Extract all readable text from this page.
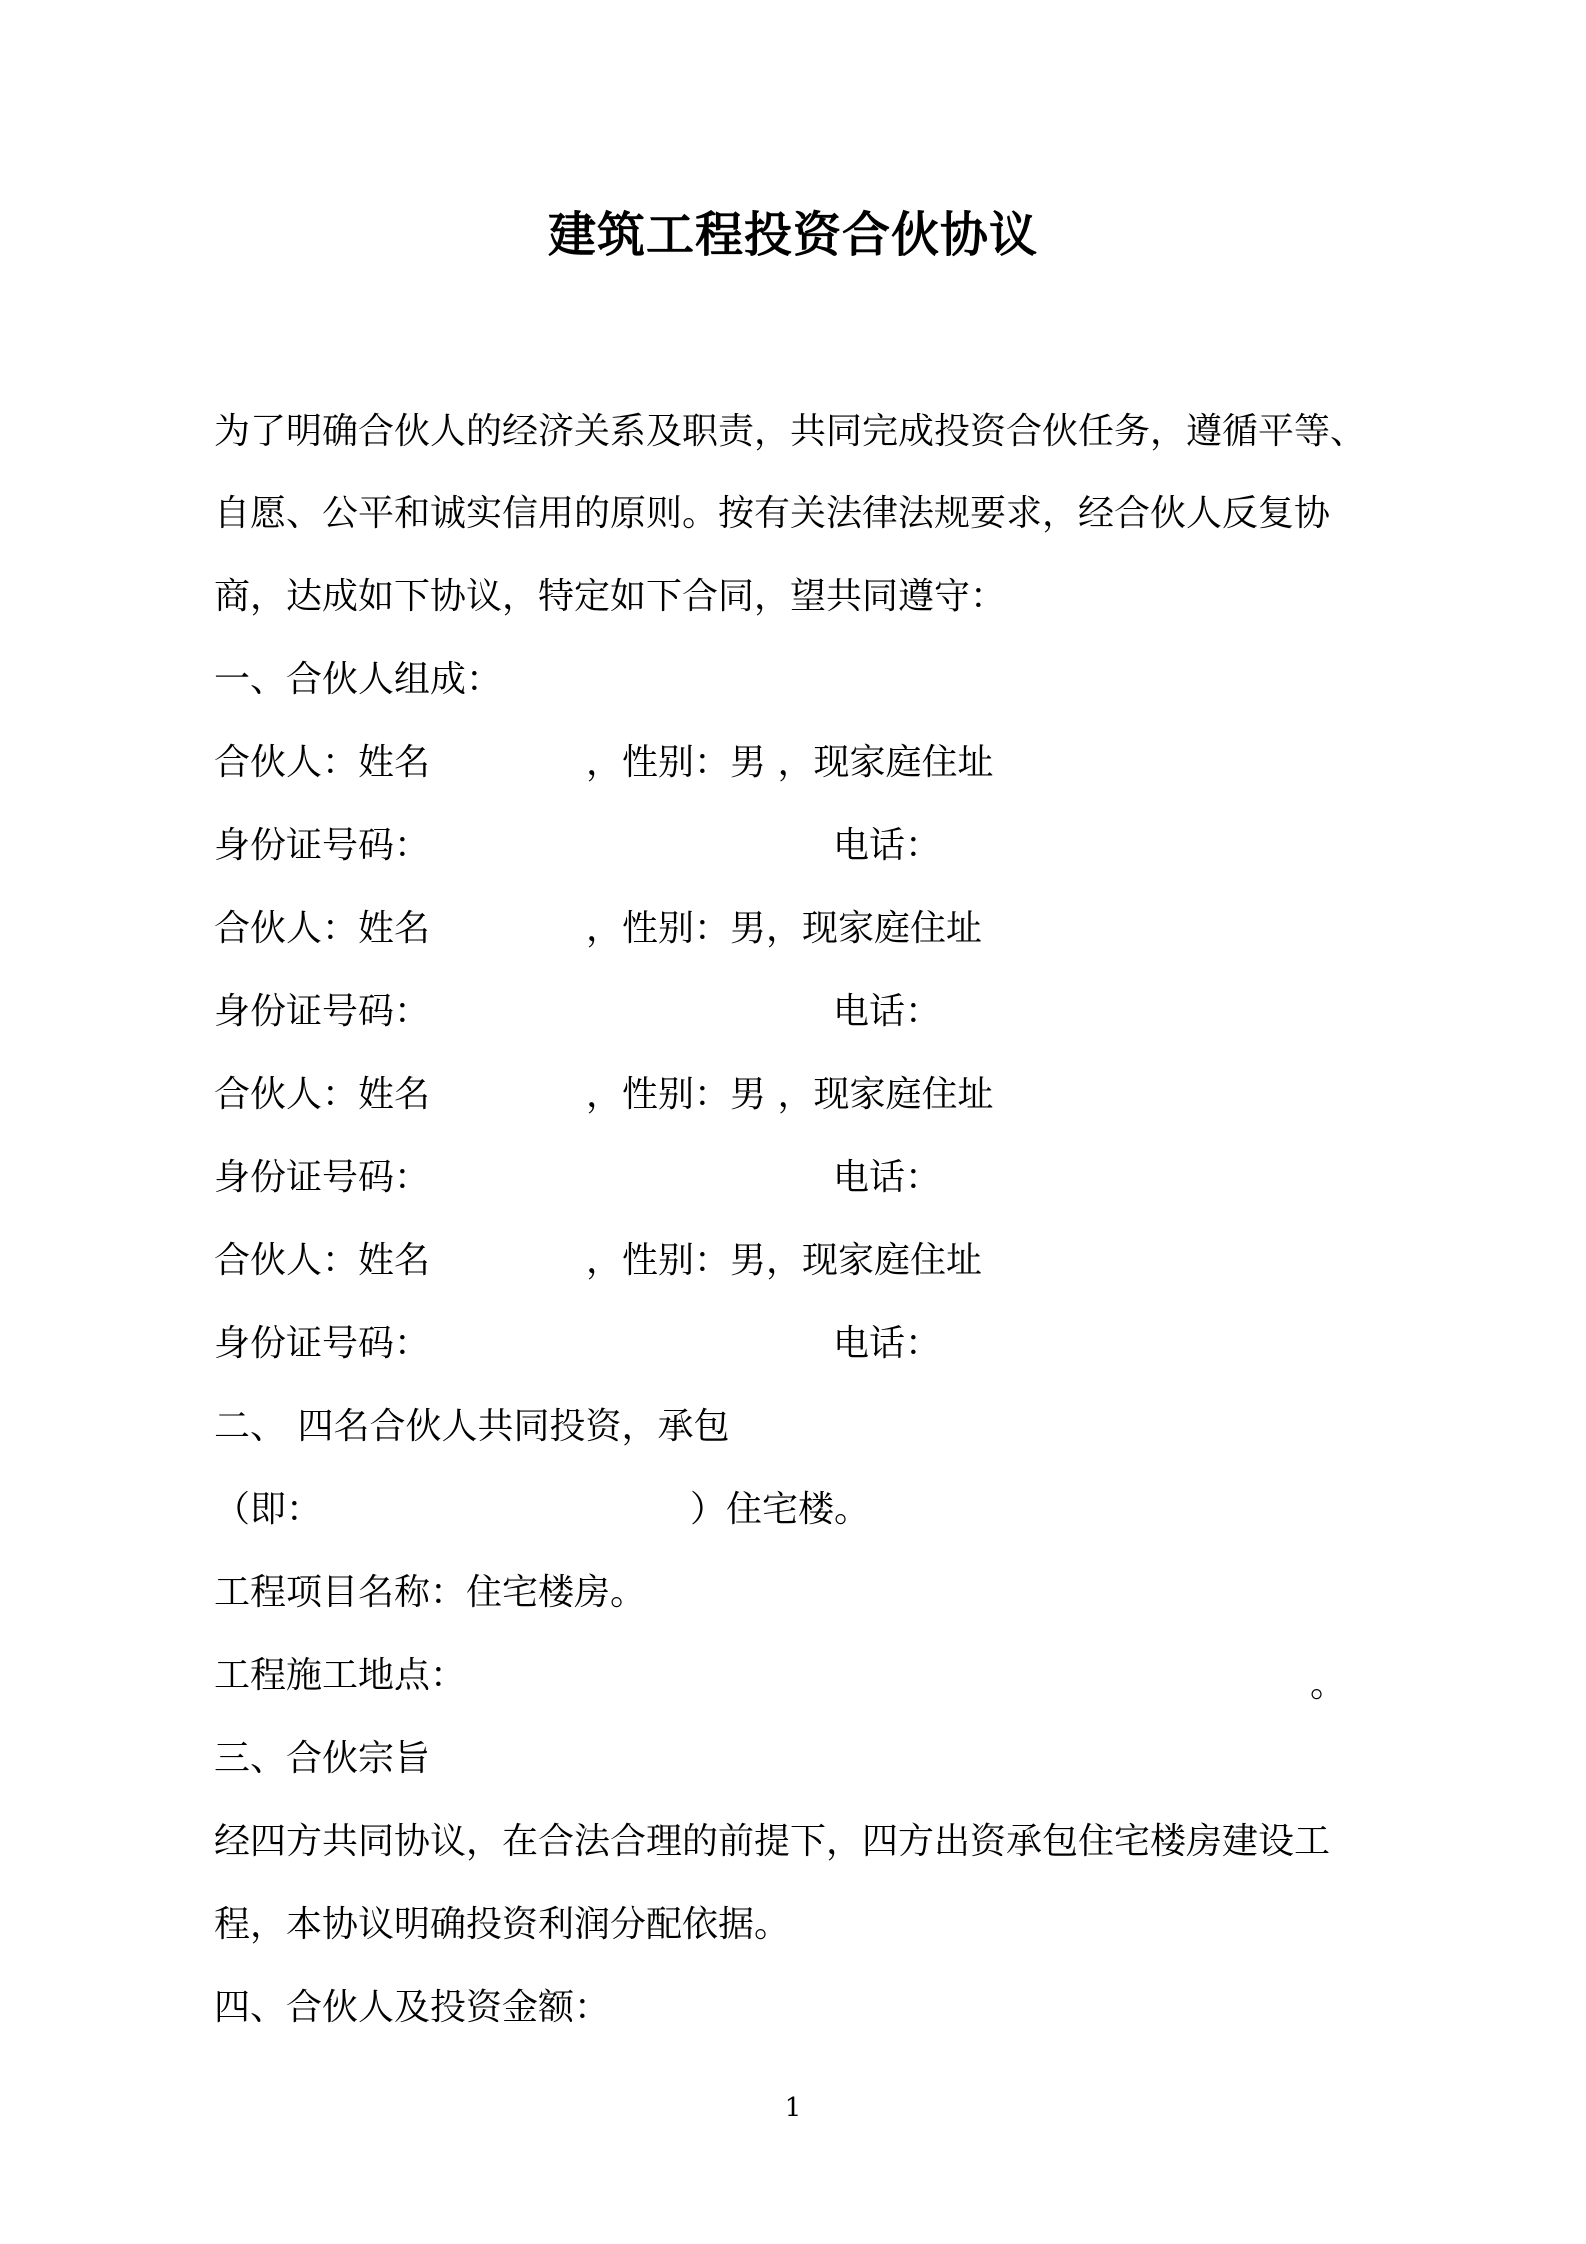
建筑工程投资合伙协议
为了明确合伙人的经济关系及职责，共同完成投资合伙任务，遵循平等、
自愿、公平和诚实信用的原则。按有关法律法规要求，经合伙人反复协
商，达成如下协议，特定如下合同，望共同遵守：
一、合伙人组成：
合伙人：姓名	，性别：男 ，现家庭住址
身份证号码：	电话：
合伙人：姓名	，性别：男，现家庭住址
身份证号码：	电话：
合伙人：姓名	，性别：男 ，现家庭住址
身份证号码：	电话：
合伙人：姓名	，性别：男，现家庭住址
身份证号码：	电话：
二、 四名合伙人共同投资，承包
（即：	）住宅楼。
工程项目名称：住宅楼房。
工程施工地点：	。
三、合伙宗旨
经四方共同协议，在合法合理的前提下，四方出资承包住宅楼房建设工
程，本协议明确投资利润分配依据。
四、合伙人及投资金额：
1
